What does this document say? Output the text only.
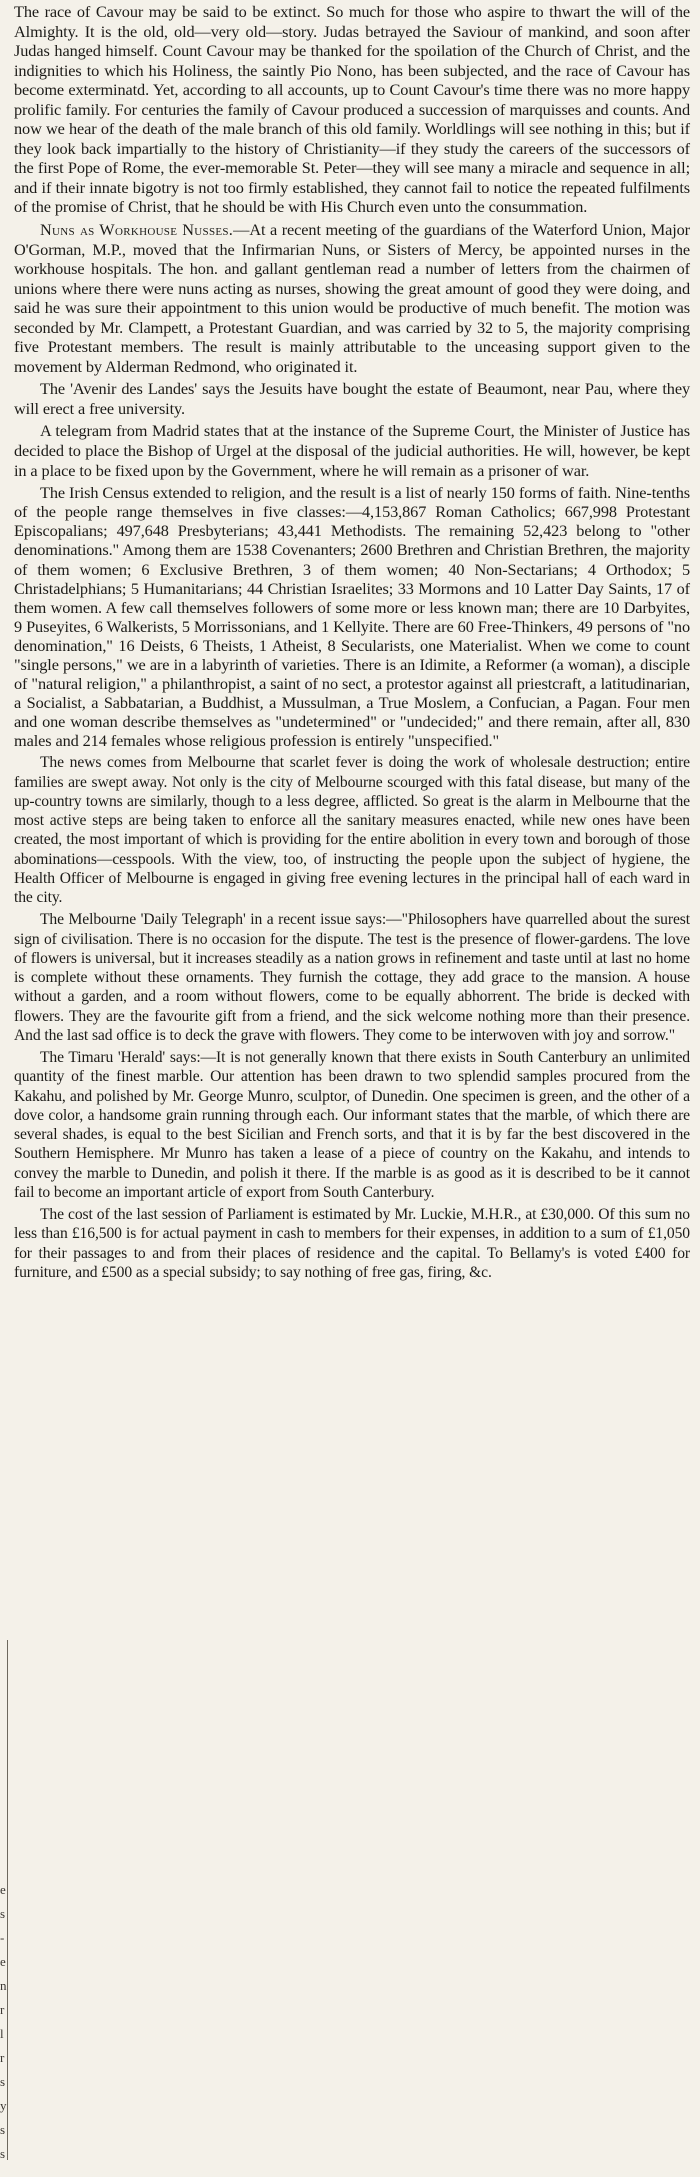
e
s
-
e
n
r
l
r
s
y
s
s

The race of Cavour may be said to be extinct. So much for those who aspire to thwart the will of the Almighty. It is the old, old—very old—story. Judas betrayed the Saviour of mankind, and soon after Judas hanged himself. Count Cavour may be thanked for the spoilation of the Church of Christ, and the indignities to which his Holiness, the saintly Pio Nono, has been subjected, and the race of Cavour has become exterminatd. Yet, according to all accounts, up to Count Cavour's time there was no more happy prolific family. For centuries the family of Cavour produced a succession of marquisses and counts. And now we hear of the death of the male branch of this old family. Worldlings will see nothing in this; but if they look back impartially to the history of Christianity—if they study the careers of the successors of the first Pope of Rome, the ever-memorable St. Peter—they will see many a miracle and sequence in all; and if their innate bigotry is not too firmly established, they cannot fail to notice the repeated fulfilments of the promise of Christ, that he should be with His Church even unto the consummation.

Nuns as Workhouse Nusses.—At a recent meeting of the guardians of the Waterford Union, Major O'Gorman, M.P., moved that the Infirmarian Nuns, or Sisters of Mercy, be appointed nurses in the workhouse hospitals. The hon. and gallant gentleman read a number of letters from the chairmen of unions where there were nuns acting as nurses, showing the great amount of good they were doing, and said he was sure their appointment to this union would be productive of much benefit. The motion was seconded by Mr. Clampett, a Protestant Guardian, and was carried by 32 to 5, the majority comprising five Protestant members. The result is mainly attributable to the unceasing support given to the movement by Alderman Redmond, who originated it.

The 'Avenir des Landes' says the Jesuits have bought the estate of Beaumont, near Pau, where they will erect a free university.

A telegram from Madrid states that at the instance of the Supreme Court, the Minister of Justice has decided to place the Bishop of Urgel at the disposal of the judicial authorities. He will, however, be kept in a place to be fixed upon by the Government, where he will remain as a prisoner of war.

The Irish Census extended to religion, and the result is a list of nearly 150 forms of faith. Nine-tenths of the people range themselves in five classes:—4,153,867 Roman Catholics; 667,998 Protestant Episcopalians; 497,648 Presbyterians; 43,441 Methodists. The remaining 52,423 belong to "other denominations." Among them are 1538 Covenanters; 2600 Brethren and Christian Brethren, the majority of them women; 6 Exclusive Brethren, 3 of them women; 40 Non-Sectarians; 4 Orthodox; 5 Christadelphians; 5 Humanitarians; 44 Christian Israelites; 33 Mormons and 10 Latter Day Saints, 17 of them women. A few call themselves followers of some more or less known man; there are 10 Darbyites, 9 Puseyites, 6 Walkerists, 5 Morrissonians, and 1 Kellyite. There are 60 Free-Thinkers, 49 persons of "no denomination," 16 Deists, 6 Theists, 1 Atheist, 8 Secularists, one Materialist. When we come to count "single persons," we are in a labyrinth of varieties. There is an Idimite, a Reformer (a woman), a disciple of "natural religion," a philanthropist, a saint of no sect, a protestor against all priestcraft, a latitudinarian, a Socialist, a Sabbatarian, a Buddhist, a Mussulman, a True Moslem, a Confucian, a Pagan. Four men and one woman describe themselves as "undetermined" or "undecided;" and there remain, after all, 830 males and 214 females whose religious profession is entirely "unspecified."

The news comes from Melbourne that scarlet fever is doing the work of wholesale destruction; entire families are swept away. Not only is the city of Melbourne scourged with this fatal disease, but many of the up-country towns are similarly, though to a less degree, afflicted. So great is the alarm in Melbourne that the most active steps are being taken to enforce all the sanitary measures enacted, while new ones have been created, the most important of which is providing for the entire abolition in every town and borough of those abominations—cesspools. With the view, too, of instructing the people upon the subject of hygiene, the Health Officer of Melbourne is engaged in giving free evening lectures in the principal hall of each ward in the city.

The Melbourne 'Daily Telegraph' in a recent issue says:—"Philosophers have quarrelled about the surest sign of civilisation. There is no occasion for the dispute. The test is the presence of flower-gardens. The love of flowers is universal, but it increases steadily as a nation grows in refinement and taste until at last no home is complete without these ornaments. They furnish the cottage, they add grace to the mansion. A house without a garden, and a room without flowers, come to be equally abhorrent. The bride is decked with flowers. They are the favourite gift from a friend, and the sick welcome nothing more than their presence. And the last sad office is to deck the grave with flowers. They come to be interwoven with joy and sorrow."

The Timaru 'Herald' says:—It is not generally known that there exists in South Canterbury an unlimited quantity of the finest marble. Our attention has been drawn to two splendid samples procured from the Kakahu, and polished by Mr. George Munro, sculptor, of Dunedin. One specimen is green, and the other of a dove color, a handsome grain running through each. Our informant states that the marble, of which there are several shades, is equal to the best Sicilian and French sorts, and that it is by far the best discovered in the Southern Hemisphere. Mr Munro has taken a lease of a piece of country on the Kakahu, and intends to convey the marble to Dunedin, and polish it there. If the marble is as good as it is described to be it cannot fail to become an important article of export from South Canterbury.

The cost of the last session of Parliament is estimated by Mr. Luckie, M.H.R., at £30,000. Of this sum no less than £16,500 is for actual payment in cash to members for their expenses, in addition to a sum of £1,050 for their passages to and from their places of residence and the capital. To Bellamy's is voted £400 for furniture, and £500 as a special subsidy; to say nothing of free gas, firing, &c.
